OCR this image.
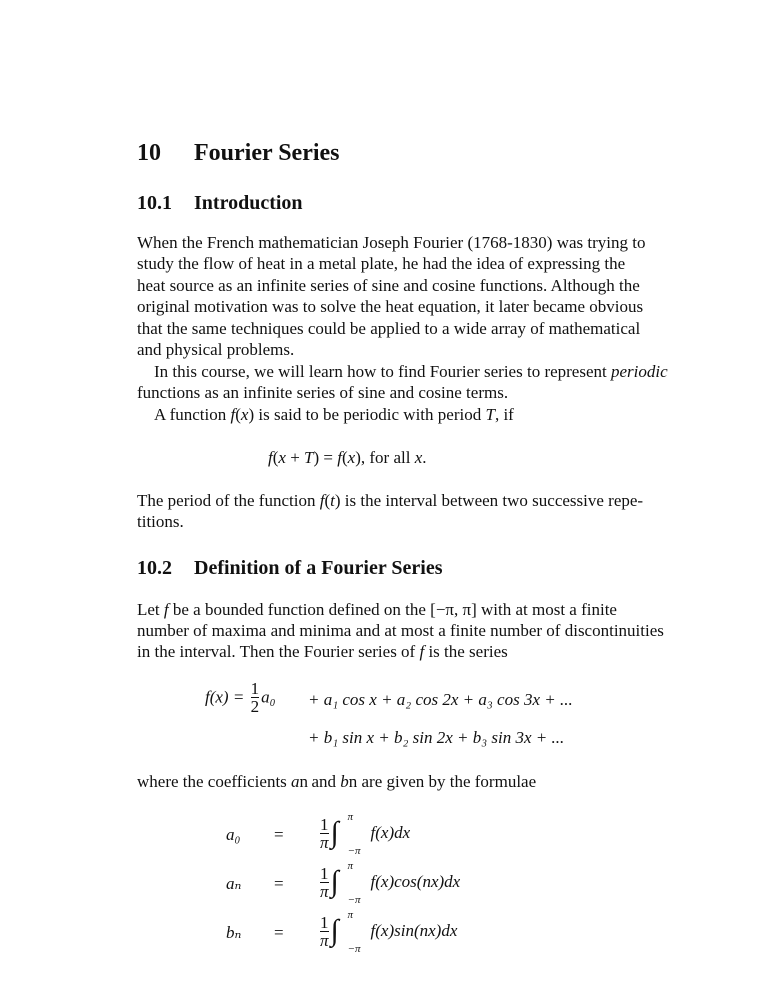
10 Fourier Series
10.1 Introduction
When the French mathematician Joseph Fourier (1768-1830) was trying to
study the flow of heat in a metal plate, he had the idea of expressing the
heat source as an infinite series of sine and cosine functions. Although the
original motivation was to solve the heat equation, it later became obvious
that the same techniques could be applied to a wide array of mathematical
and physical problems.
In this course, we will learn how to find Fourier series to represent periodic
functions as an infinite series of sine and cosine terms.
A function f(x) is said to be periodic with period T, if
f(x + T) = f(x), for all x.
The period of the function f(t) is the interval between two successive repe-
titions.
10.2 Definition of a Fourier Series
Let f be a bounded function defined on the [−π, π] with at most a finite
number of maxima and minima and at most a finite number of discontinuities
in the interval. Then the Fourier series of f is the series
$f(x) = \frac{1}{2} a_0 + a_1$ cos x + a₂ cos 2x + a₃ cos 3x + ...
+ b₁ sin x + b₂ sin 2x + b₃ sin 3x + ...
where the coefficients an and bn are given by the formulae
$a_0 = \frac{1}{\pi}$ ∫ π
−π
f(x)dx
$a_n = \frac{1}{\pi}$ ∫ π
−π
f(x)cos(nx)dx
$b_n = \frac{1}{\pi}$ ∫ π
−π
f(x)sin(nx)dx
